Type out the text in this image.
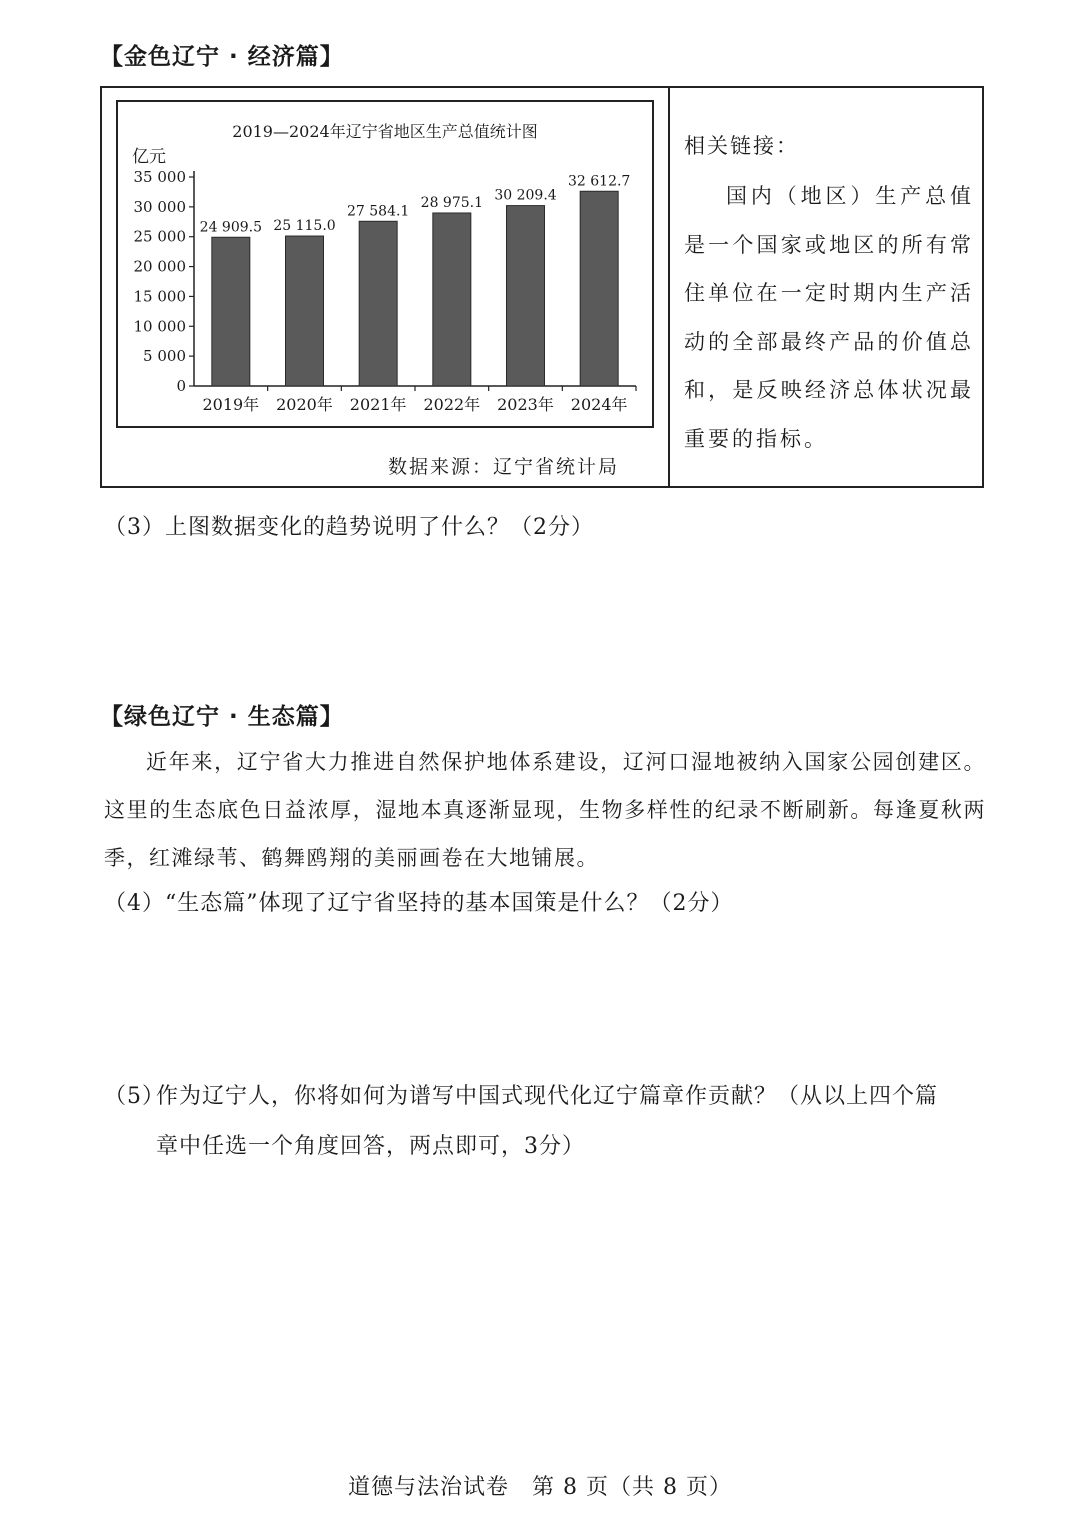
【金色辽宁 · 经济篇】
2019—2024年辽宁省地区生产总值统计图
亿元
0
5 000
10 000
15 000
20 000
25 000
30 000
35 000
24 909.5
2019年
25 115.0
2020年
27 584.1
2021年
28 975.1
2022年
30 209.4
2023年
32 612.7
2024年
数据来源：辽宁省统计局
相关链接：
国内（地区）生产总值是一个国家或地区的所有常住单位在一定时期内生产活动的全部最终产品的价值总和，是反映经济总体状况最重要的指标。
（3）上图数据变化的趋势说明了什么？（2分）
【绿色辽宁 · 生态篇】
近年来，辽宁省大力推进自然保护地体系建设，辽河口湿地被纳入国家公园创建区。这里的生态底色日益浓厚，湿地本真逐渐显现，生物多样性的纪录不断刷新。每逢夏秋两季，红滩绿苇、鹤舞鸥翔的美丽画卷在大地铺展。
（4）“生态篇”体现了辽宁省坚持的基本国策是什么？（2分）
（5）作为辽宁人，你将如何为谱写中国式现代化辽宁篇章作贡献？（从以上四个篇
章中任选一个角度回答，两点即可，3分）
道德与法治试卷　第 8 页（共 8 页）
